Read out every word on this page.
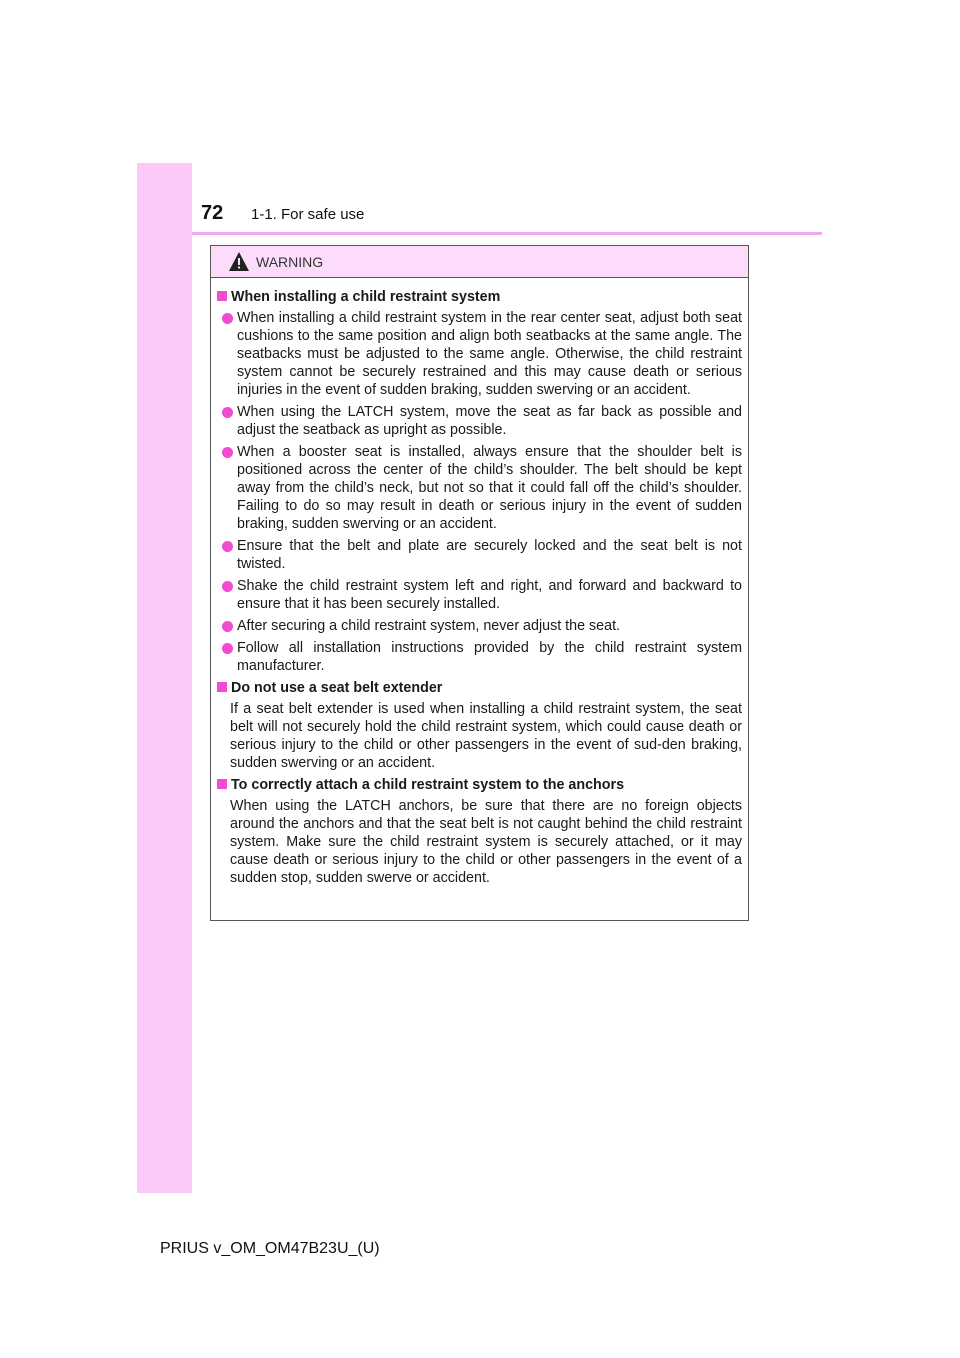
72 1-1. For safe use
WARNING
When installing a child restraint system
When installing a child restraint system in the rear center seat, adjust both seat cushions to the same position and align both seatbacks at the same angle. The seatbacks must be adjusted to the same angle. Otherwise, the child restraint system cannot be securely restrained and this may cause death or serious injuries in the event of sudden braking, sudden swerving or an accident.
When using the LATCH system, move the seat as far back as possible and adjust the seatback as upright as possible.
When a booster seat is installed, always ensure that the shoulder belt is positioned across the center of the child’s shoulder. The belt should be kept away from the child’s neck, but not so that it could fall off the child’s shoulder. Failing to do so may result in death or serious injury in the event of sudden braking, sudden swerving or an accident.
Ensure that the belt and plate are securely locked and the seat belt is not twisted.
Shake the child restraint system left and right, and forward and backward to ensure that it has been securely installed.
After securing a child restraint system, never adjust the seat.
Follow all installation instructions provided by the child restraint system manufacturer.
Do not use a seat belt extender
If a seat belt extender is used when installing a child restraint system, the seat belt will not securely hold the child restraint system, which could cause death or serious injury to the child or other passengers in the event of sud-den braking, sudden swerving or an accident.
To correctly attach a child restraint system to the anchors
When using the LATCH anchors, be sure that there are no foreign objects around the anchors and that the seat belt is not caught behind the child restraint system. Make sure the child restraint system is securely attached, or it may cause death or serious injury to the child or other passengers in the event of a sudden stop, sudden swerve or accident.
PRIUS v_OM_OM47B23U_(U)
